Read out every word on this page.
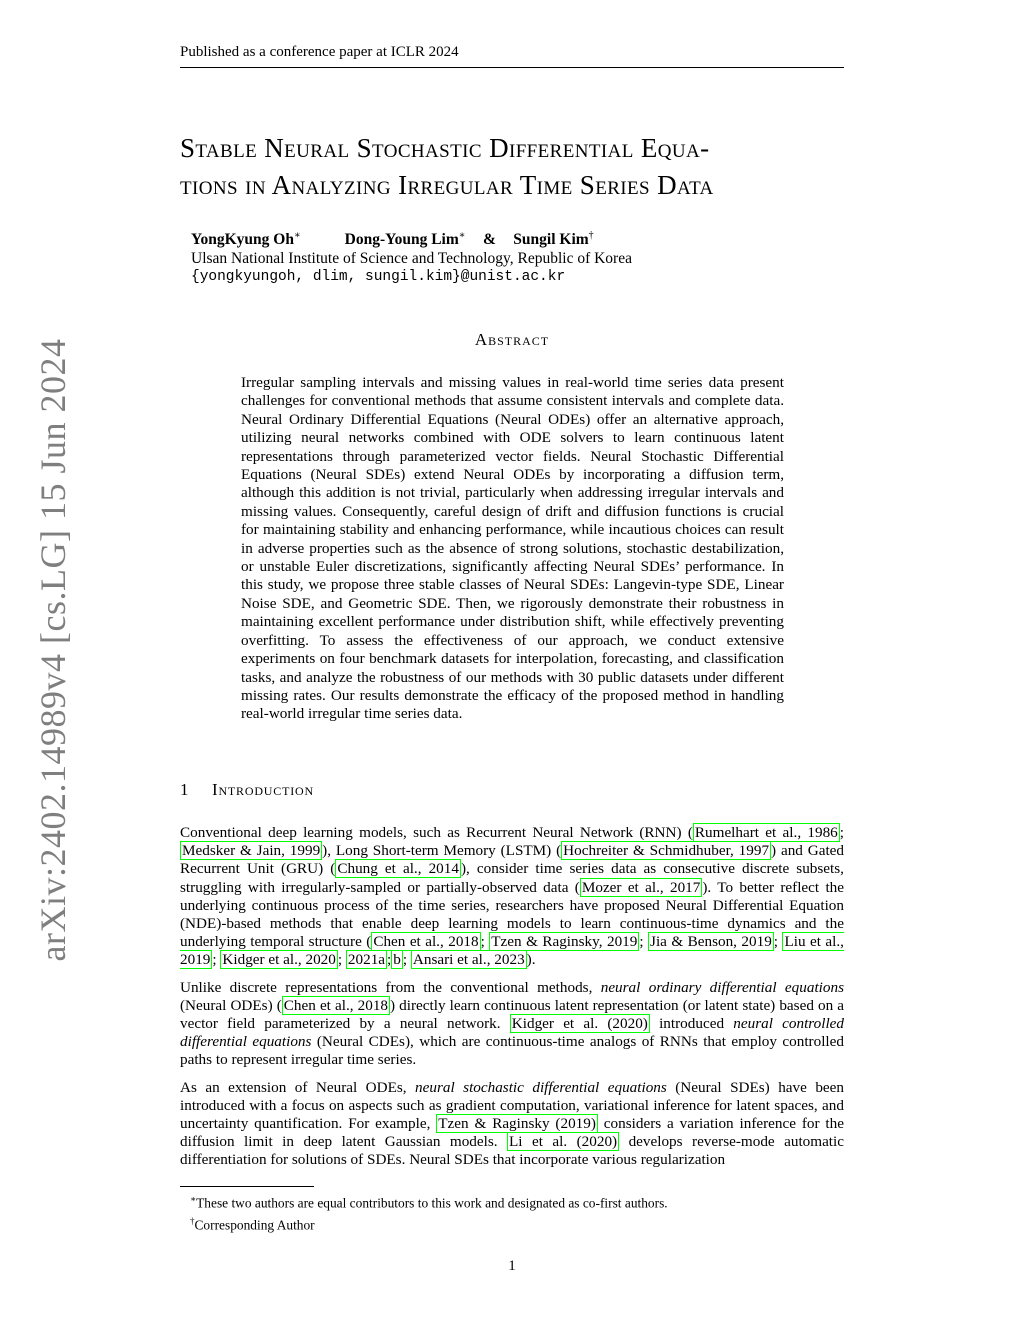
Published as a conference paper at ICLR 2024
arXiv:2402.14989v4 [cs.LG] 15 Jun 2024
Stable Neural Stochastic Differential Equa-
tions in Analyzing Irregular Time Series Data
YongKyung Oh∗	Dong-Young Lim∗ & Sungil Kim†
Ulsan National Institute of Science and Technology, Republic of Korea
{yongkyungoh, dlim, sungil.kim}@unist.ac.kr
Abstract
Irregular sampling intervals and missing values in real-world time series data present challenges for conventional methods that assume consistent intervals and complete data. Neural Ordinary Differential Equations (Neural ODEs) offer an alternative approach, utilizing neural networks combined with ODE solvers to learn continuous latent representations through parameterized vector fields. Neural Stochastic Differential Equations (Neural SDEs) extend Neural ODEs by incorporating a diffusion term, although this addition is not trivial, particularly when addressing irregular intervals and missing values. Consequently, careful design of drift and diffusion functions is crucial for maintaining stability and enhancing performance, while incautious choices can result in adverse properties such as the absence of strong solutions, stochastic destabilization, or unstable Euler discretizations, significantly affecting Neural SDEs’ performance. In this study, we propose three stable classes of Neural SDEs: Langevin-type SDE, Linear Noise SDE, and Geometric SDE. Then, we rigorously demonstrate their robustness in maintaining excellent performance under distribution shift, while effectively preventing overfitting. To assess the effectiveness of our approach, we conduct extensive experiments on four benchmark datasets for interpolation, forecasting, and classification tasks, and analyze the robustness of our methods with 30 public datasets under different missing rates. Our results demonstrate the efficacy of the proposed method in handling real-world irregular time series data.
1 Introduction

Conventional deep learning models, such as Recurrent Neural Network (RNN) ( Rumelhart et al., 1986 ; Medsker & Jain, 1999 ), Long Short-term Memory (LSTM) ( Hochreiter & Schmidhuber, 1997 ) and Gated Recurrent Unit (GRU) ( Chung et al., 2014 ), consider time series data as consecutive discrete subsets, struggling with irregularly-sampled or partially-observed data ( Mozer et al., 2017 ). To better reflect the underlying continuous process of the time series, researchers have proposed Neural Differential Equation (NDE)-based methods that enable deep learning models to learn continuous-time dynamics and the underlying temporal structure ( Chen et al., 2018 ; Tzen & Raginsky, 2019 ; Jia & Benson, 2019 ; Liu et al., 2019 ; Kidger et al., 2020 ; 2021a ; b ; Ansari et al., 2023 ).

Unlike discrete representations from the conventional methods, neural ordinary differential equations (Neural ODEs) ( Chen et al., 2018 ) directly learn continuous latent representation (or latent state) based on a vector field parameterized by a neural network. Kidger et al. (2020) introduced neural controlled differential equations (Neural CDEs), which are continuous-time analogs of RNNs that employ controlled paths to represent irregular time series.

As an extension of Neural ODEs, neural stochastic differential equations (Neural SDEs) have been introduced with a focus on aspects such as gradient computation, variational inference for latent spaces, and uncertainty quantification. For example, Tzen & Raginsky (2019) considers a variation inference for the diffusion limit in deep latent Gaussian models. Li et al. (2020) develops reverse-mode automatic differentiation for solutions of SDEs. Neural SDEs that incorporate various regularization

∗These two authors are equal contributors to this work and designated as co-first authors.
†Corresponding Author
1
